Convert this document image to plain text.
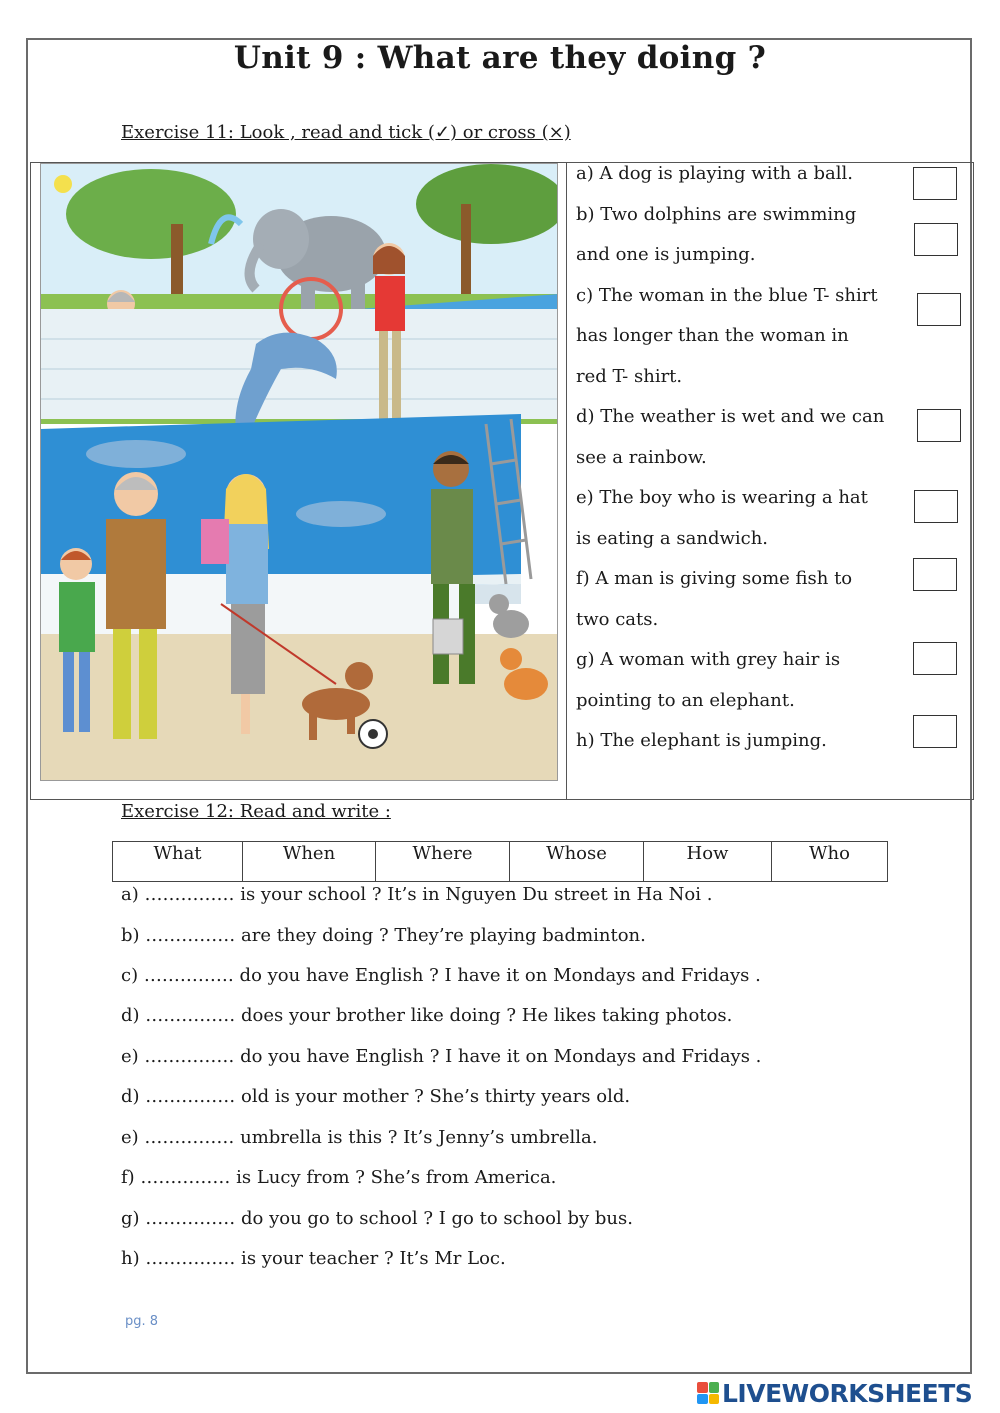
Unit 9 : What are they doing ?
Exercise 11: Look , read and tick (✓) or cross (×)
a) A dog is playing with a ball.
b) Two dolphins are swimming
and one is jumping.
c) The woman in the blue T- shirt
has longer than the woman in
red T- shirt.
d) The weather is wet and we can
see a rainbow.
e) The boy who is wearing a hat
is eating a sandwich.
f) A man is giving some fish to
two cats.
g) A woman with grey hair is
pointing to an elephant.
h) The elephant is jumping.
Exercise 12: Read and write :
What	When	Where	Whose	How	Who
a) …………… is your school ? It’s in Nguyen Du street in Ha Noi .
b) …………… are they doing ? They’re playing badminton.
c) …………… do you have English ? I have it on Mondays and Fridays .
d) …………… does your brother like doing ? He likes taking photos.
e) …………… do you have English ? I have it on Mondays and Fridays .
d) …………… old is your mother ? She’s thirty years old.
e) …………… umbrella is this ? It’s Jenny’s umbrella.
f) …………… is Lucy from ? She’s from America.
g) …………… do you go to school ? I go to school by bus.
h) …………… is your teacher ? It’s Mr Loc.
pg. 8
LIVEWORKSHEETS
